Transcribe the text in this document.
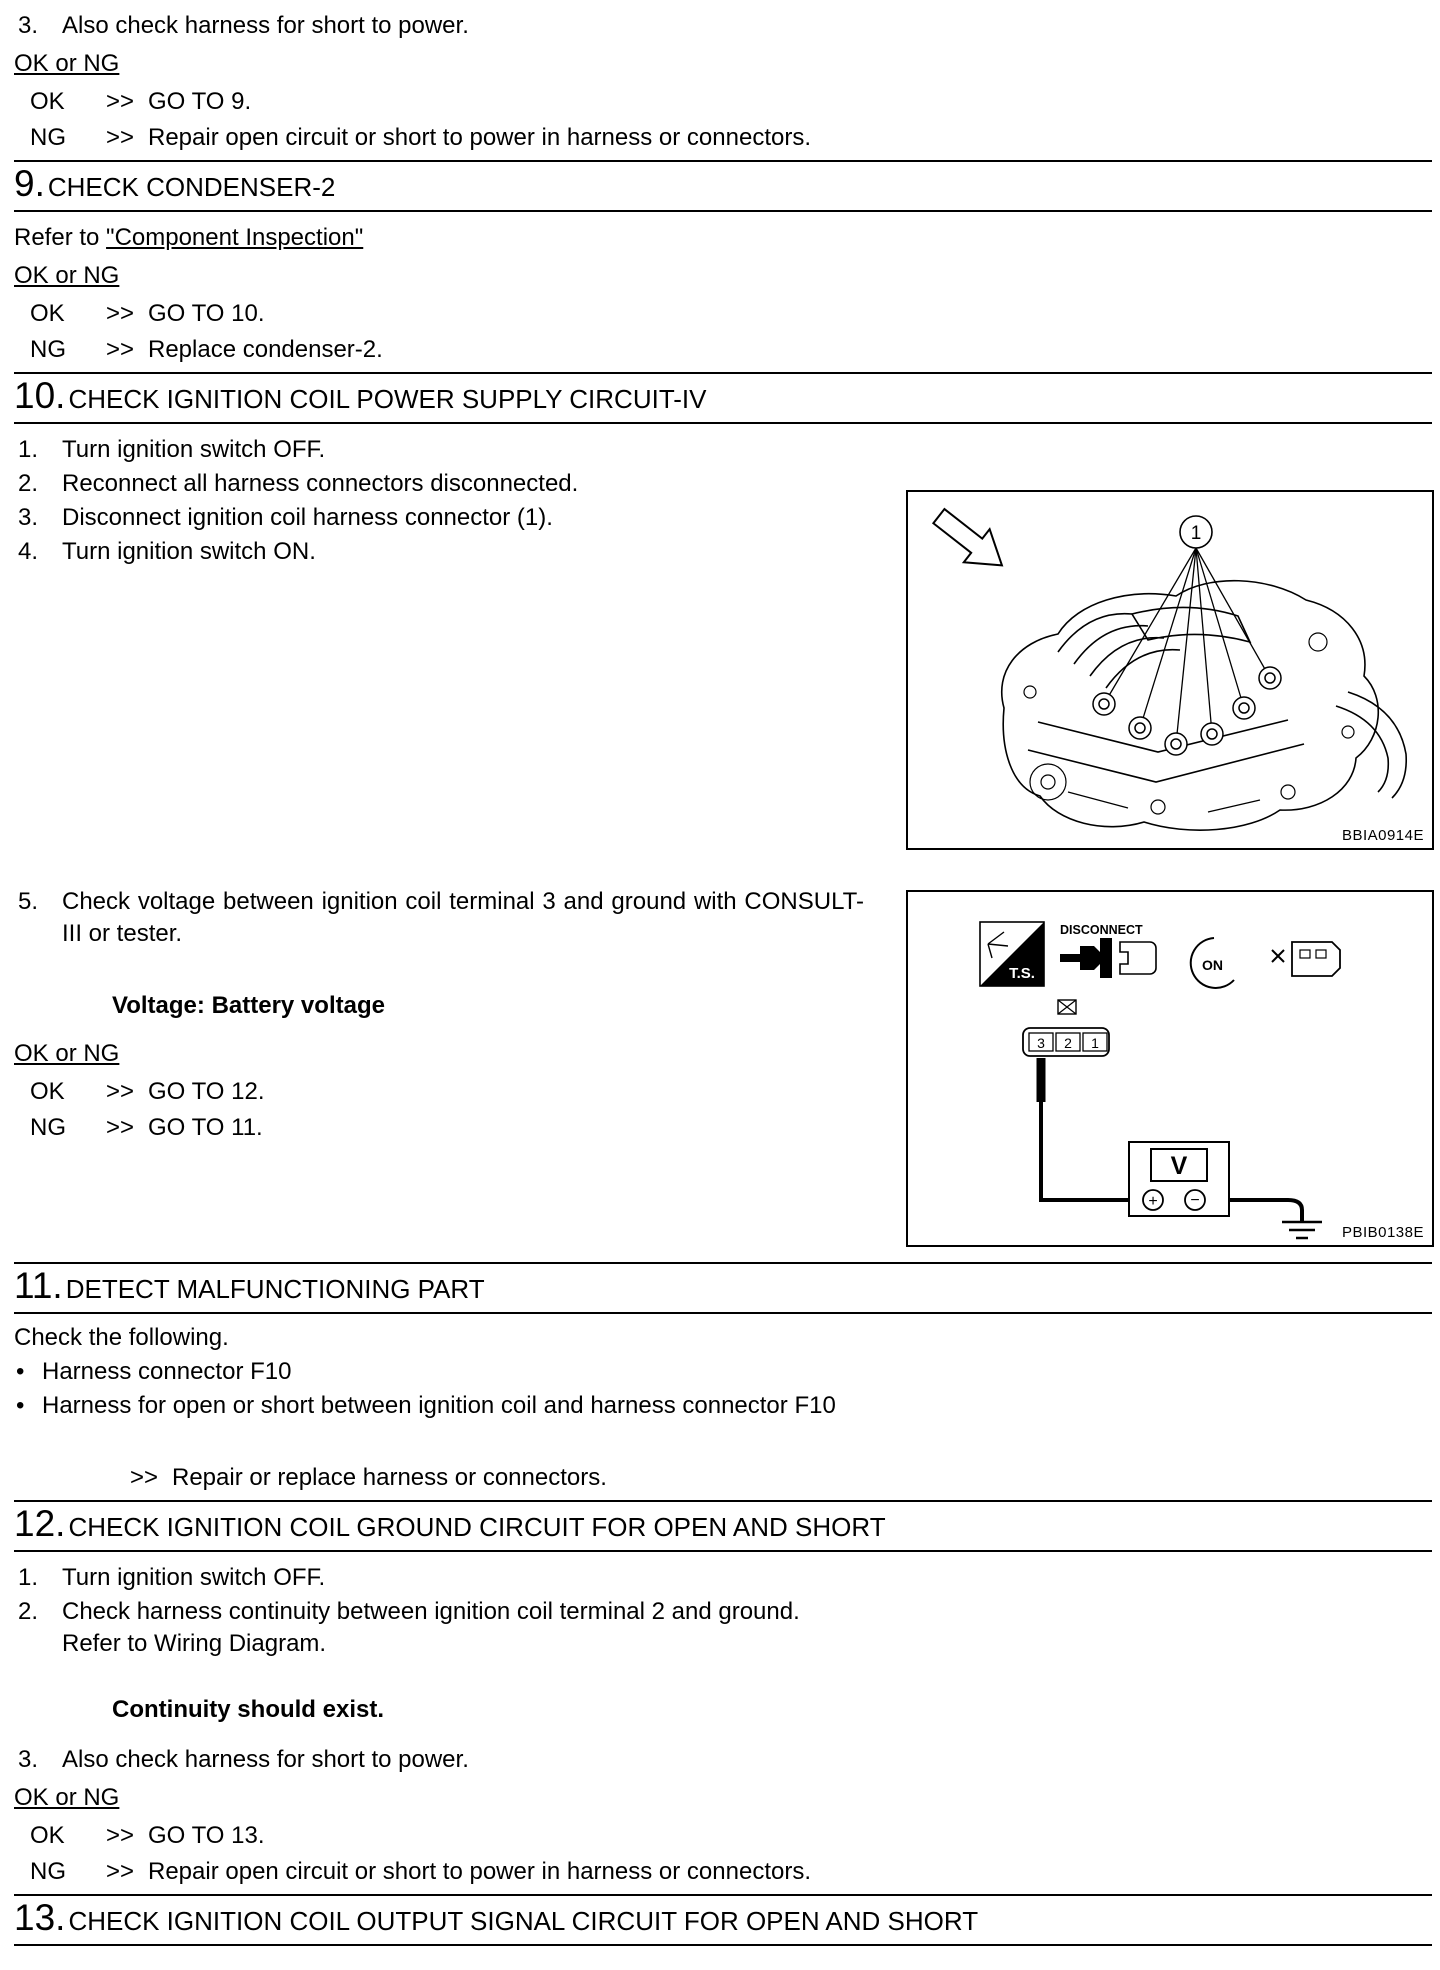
3. Also check harness for short to power.
OK or NG
OK	>> GO TO 9.
NG	>> Repair open circuit or short to power in harness or connectors.
9. CHECK CONDENSER-2
Refer to "Component Inspection"
OK or NG
OK	>> GO TO 10.
NG	>> Replace condenser-2.
10. CHECK IGNITION COIL POWER SUPPLY CIRCUIT-IV
1. Turn ignition switch OFF.
2. Reconnect all harness connectors disconnected.
3. Disconnect ignition coil harness connector (1).
4. Turn ignition switch ON.
1
BBIA0914E
5. Check voltage between ignition coil terminal 3 and ground with CONSULT-III or tester.
Voltage: Battery voltage
OK or NG
OK	>> GO TO 12.
NG	>> GO TO 11.
T.S.
DISCONNECT
ON
3 2 1
V
+ −
PBIB0138E
11. DETECT MALFUNCTIONING PART
Check the following.
• Harness connector F10
• Harness for open or short between ignition coil and harness connector F10
>> Repair or replace harness or connectors.
12. CHECK IGNITION COIL GROUND CIRCUIT FOR OPEN AND SHORT
1. Turn ignition switch OFF.
2. Check harness continuity between ignition coil terminal 2 and ground.
Refer to Wiring Diagram.
Continuity should exist.
3. Also check harness for short to power.
OK or NG
OK	>> GO TO 13.
NG	>> Repair open circuit or short to power in harness or connectors.
13. CHECK IGNITION COIL OUTPUT SIGNAL CIRCUIT FOR OPEN AND SHORT
